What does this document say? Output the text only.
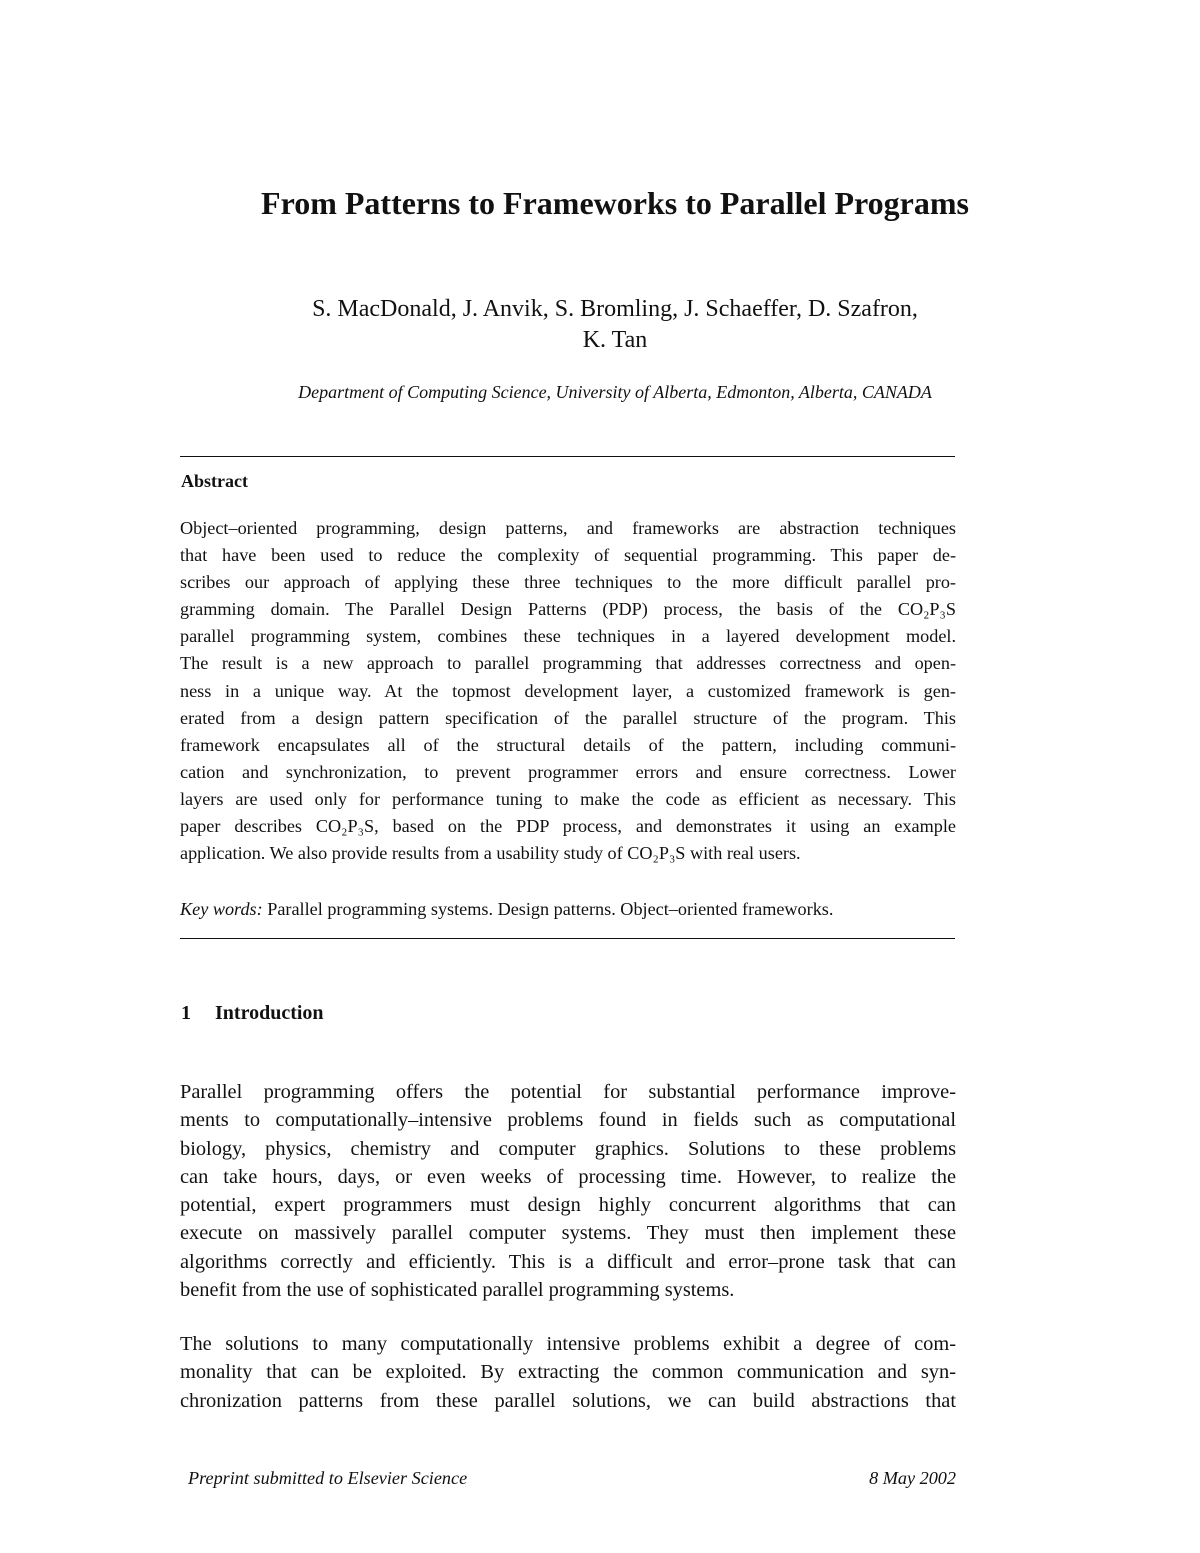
From Patterns to Frameworks to Parallel Programs

S. MacDonald, J. Anvik, S. Bromling, J. Schaeffer, D. Szafron,
K. Tan

Department of Computing Science, University of Alberta, Edmonton, Alberta, CANADA

Abstract
Object–oriented programming, design patterns, and frameworks are abstraction techniques
that have been used to reduce the complexity of sequential programming. This paper de-
scribes our approach of applying these three techniques to the more difficult parallel pro-
gramming domain. The Parallel Design Patterns (PDP) process, the basis of the CO₂P₃S
parallel programming system, combines these techniques in a layered development model.
The result is a new approach to parallel programming that addresses correctness and open-
ness in a unique way. At the topmost development layer, a customized framework is gen-
erated from a design pattern specification of the parallel structure of the program. This
framework encapsulates all of the structural details of the pattern, including communi-
cation and synchronization, to prevent programmer errors and ensure correctness. Lower
layers are used only for performance tuning to make the code as efficient as necessary. This
paper describes CO₂P₃S, based on the PDP process, and demonstrates it using an example
application. We also provide results from a usability study of CO₂P₃S with real users.

Key words: Parallel programming systems. Design patterns. Object–oriented frameworks.

1 Introduction
Parallel programming offers the potential for substantial performance improve-
ments to computationally–intensive problems found in fields such as computational
biology, physics, chemistry and computer graphics. Solutions to these problems
can take hours, days, or even weeks of processing time. However, to realize the
potential, expert programmers must design highly concurrent algorithms that can
execute on massively parallel computer systems. They must then implement these
algorithms correctly and efficiently. This is a difficult and error–prone task that can
benefit from the use of sophisticated parallel programming systems.
The solutions to many computationally intensive problems exhibit a degree of com-
monality that can be exploited. By extracting the common communication and syn-
chronization patterns from these parallel solutions, we can build abstractions that
Preprint submitted to Elsevier Science	8 May 2002
